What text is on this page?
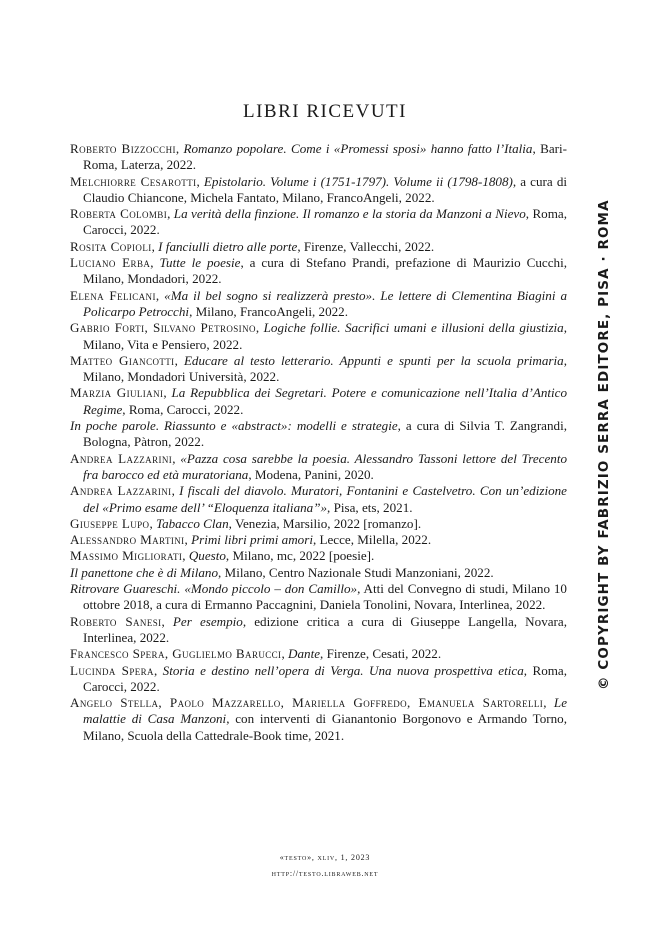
LIBRI RICEVUTI
Roberto Bizzocchi, Romanzo popolare. Come i «Promessi sposi» hanno fatto l’Italia, Bari-Roma, Laterza, 2022.
Melchiorre Cesarotti, Epistolario. Volume i (1751-1797). Volume ii (1798-1808), a cura di Claudio Chiancone, Michela Fantato, Milano, FrancoAngeli, 2022.
Roberta Colombi, La verità della finzione. Il romanzo e la storia da Manzoni a Nievo, Roma, Carocci, 2022.
Rosita Copioli, I fanciulli dietro alle porte, Firenze, Vallecchi, 2022.
Luciano Erba, Tutte le poesie, a cura di Stefano Prandi, prefazione di Maurizio Cucchi, Milano, Mondadori, 2022.
Elena Felicani, «Ma il bel sogno si realizzerà presto». Le lettere di Clementina Biagini a Policarpo Petrocchi, Milano, FrancoAngeli, 2022.
Gabrio Forti, Silvano Petrosino, Logiche follie. Sacrifici umani e illusioni della giustizia, Milano, Vita e Pensiero, 2022.
Matteo Giancotti, Educare al testo letterario. Appunti e spunti per la scuola primaria, Milano, Mondadori Università, 2022.
Marzia Giuliani, La Repubblica dei Segretari. Potere e comunicazione nell’Italia d’Antico Regime, Roma, Carocci, 2022.
In poche parole. Riassunto e «abstract»: modelli e strategie, a cura di Silvia T. Zangrandi, Bologna, Pàtron, 2022.
Andrea Lazzarini, «Pazza cosa sarebbe la poesia. Alessandro Tassoni lettore del Trecento fra barocco ed età muratoriana, Modena, Panini, 2020.
Andrea Lazzarini, I fiscali del diavolo. Muratori, Fontanini e Castelvetro. Con un’edizione del «Primo esame dell’ “Eloquenza italiana”», Pisa, ets, 2021.
Giuseppe Lupo, Tabacco Clan, Venezia, Marsilio, 2022 [romanzo].
Alessandro Martini, Primi libri primi amori, Lecce, Milella, 2022.
Massimo Migliorati, Questo, Milano, mc, 2022 [poesie].
Il panettone che è di Milano, Milano, Centro Nazionale Studi Manzoniani, 2022.
Ritrovare Guareschi. «Mondo piccolo – don Camillo», Atti del Convegno di studi, Milano 10 ottobre 2018, a cura di Ermanno Paccagnini, Daniela Tonolini, Novara, Interlinea, 2022.
Roberto Sanesi, Per esempio, edizione critica a cura di Giuseppe Langella, Novara, Interlinea, 2022.
Francesco Spera, Guglielmo Barucci, Dante, Firenze, Cesati, 2022.
Lucinda Spera, Storia e destino nell’opera di Verga. Una nuova prospettiva etica, Roma, Carocci, 2022.
Angelo Stella, Paolo Mazzarello, Mariella Goffredo, Emanuela Sartorelli, Le malattie di Casa Manzoni, con interventi di Gianantonio Borgonovo e Armando Torno, Milano, Scuola della Cattedrale-Book time, 2021.
«testo», xliv, 1, 2023
http://testo.libraweb.net
© COPYRIGHT BY FABRIZIO SERRA EDITORE, PISA · ROMA
